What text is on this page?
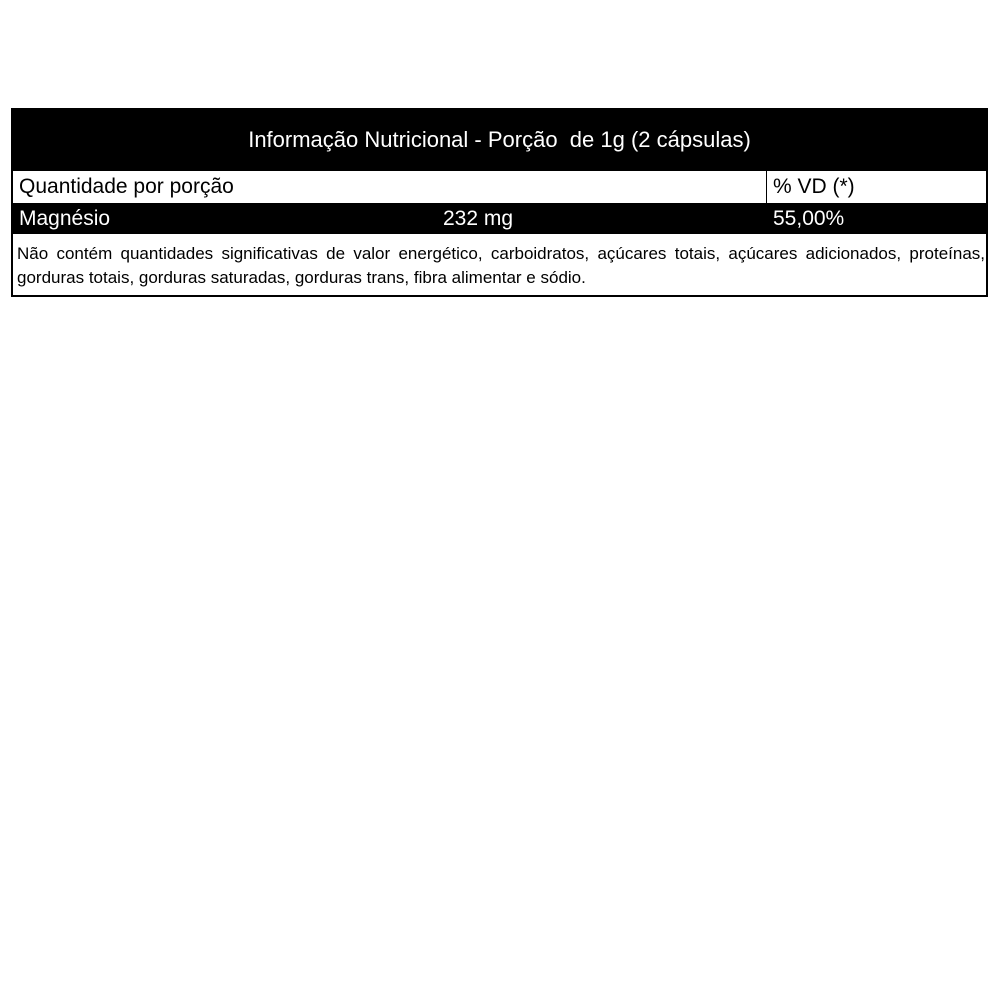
Informação Nutricional - Porção  de 1g (2 cápsulas)
Quantidade por porção	% VD (*)
Magnésio	232 mg	55,00%
Não contém quantidades significativas de valor energético, carboidratos, açúcares totais, açúcares adicionados, proteínas, gorduras totais, gorduras saturadas, gorduras trans, fibra alimentar e sódio.
